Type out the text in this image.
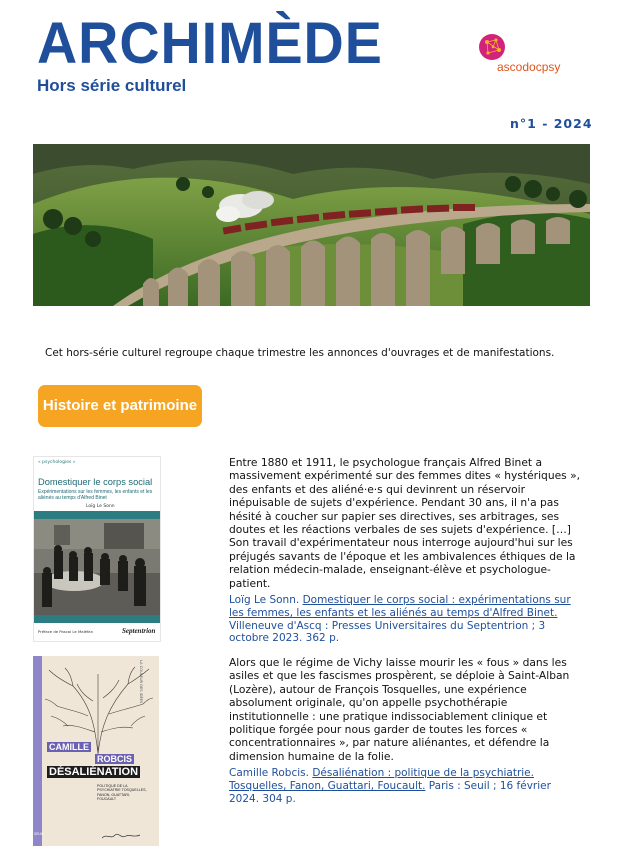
ARCHIMÈDE
Hors série culturel
ascodocpsy
n°1 - 2024
Cet hors-série culturel regroupe chaque trimestre les annonces d'ouvrages et de manifestations.
Histoire et patrimoine
« psychologies »
Domestiquer le corps social
Expérimentations sur les femmes, les enfants et les aliénés au temps d'Alfred Binet
Loïg Le Sonn
Préface de Pascal Le Maléfan	Septentrion

Entre 1880 et 1911, le psychologue français Alfred Binet a massivement expérimenté sur des femmes dites « hystériques », des enfants et des aliéné·e·s qui devinrent un réservoir inépuisable de sujets d'expérience. Pendant 30 ans, il n'a pas hésité à coucher sur papier ses directives, ses arbitrages, ses doutes et les réactions verbales de ses sujets d'expérience. […] Son travail d'expérimentateur nous interroge aujourd'hui sur les préjugés savants de l'époque et les ambivalences éthiques de la relation médecin-malade, enseignant-élève et psychologue-patient.

Loïg Le Sonn. Domestiquer le corps social : expérimentations sur les femmes, les enfants et les aliénés au temps d'Alfred Binet. Villeneuve d'Ascq : Presses Universitaires du Septentrion ; 3 octobre 2023. 362 p.

LA COULEUR DES IDÉES
CAMILLE
ROBCIS
DÉSALIÉNATION
POLITIQUE DE LA PSYCHIATRIE TOSQUELLES, FANON, GUATTARI, FOUCAULT
SEUIL

Alors que le régime de Vichy laisse mourir les « fous » dans les asiles et que les fascismes prospèrent, se déploie à Saint-Alban (Lozère), autour de François Tosquelles, une expérience absolument originale, qu'on appelle psychothérapie institutionnelle : une pratique indissociablement clinique et politique forgée pour nous garder de toutes les forces « concentrationnaires », par nature aliénantes, et défendre la dimension humaine de la folie.

Camille Robcis. Désaliénation : politique de la psychiatrie. Tosquelles, Fanon, Guattari, Foucault. Paris : Seuil ; 16 février 2024. 304 p.
